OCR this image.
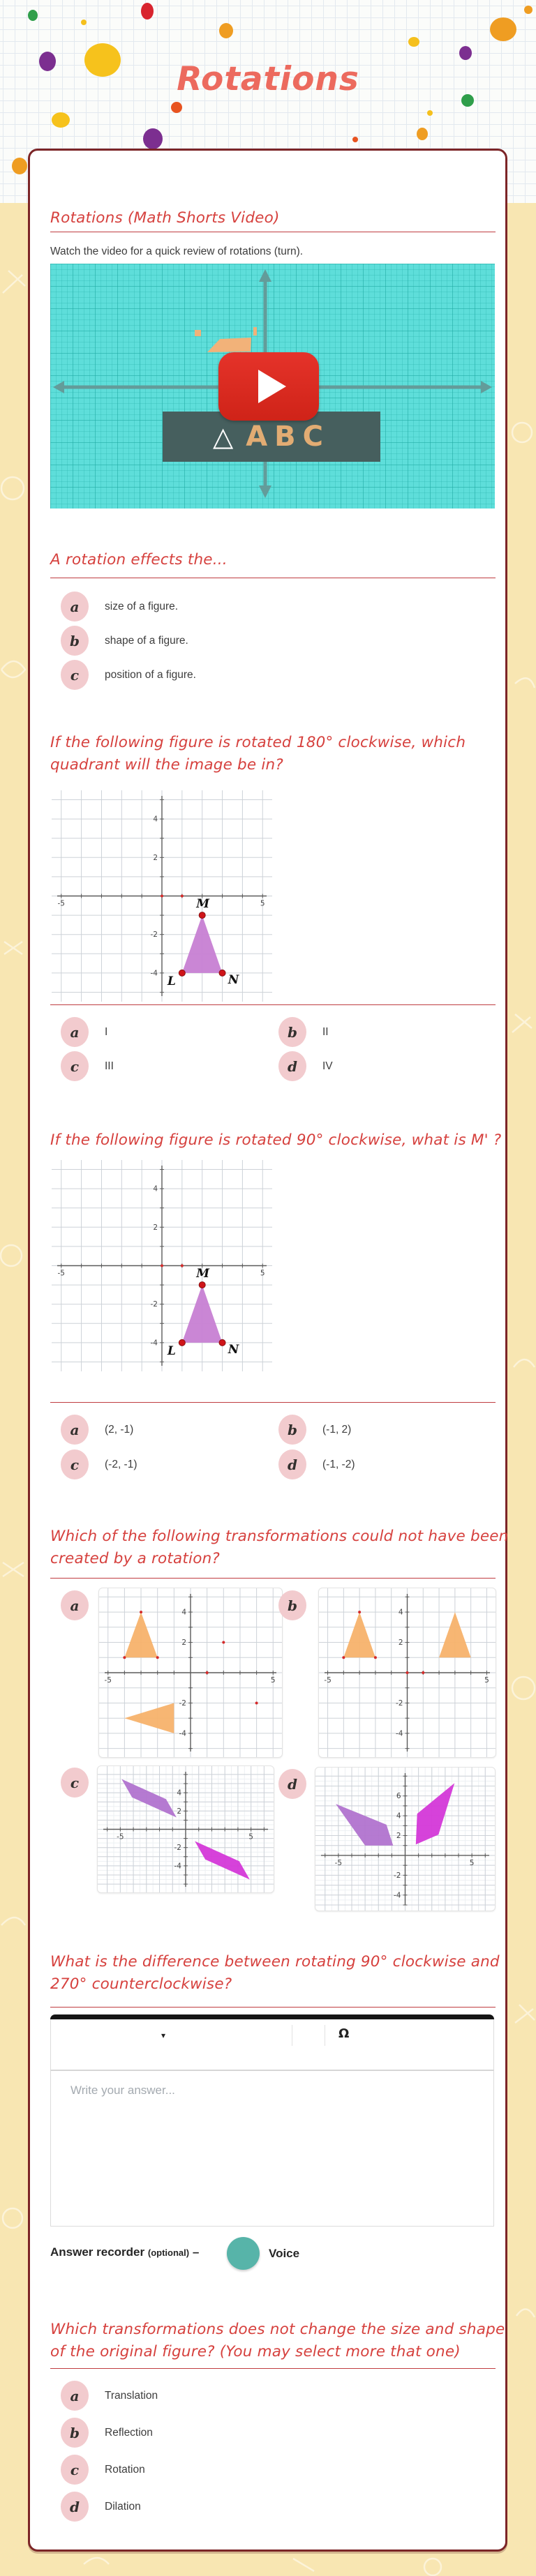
Rotations
Rotations (Math Shorts Video)
Watch the video for a quick review of rotations (turn).
△ ABC
A rotation effects the...
a	size of a figure.
b	shape of a figure.
c	position of a figure.
If the following figure is rotated 180° clockwise, which
quadrant will the image be in?
4
2
-2
-4
-5	5
M
L	N
a	I	b	II
c	III	d	IV
If the following figure is rotated 90° clockwise, what is M' ?
4
2
-2
-4
-5	5
M
L	N
a	(2, -1)	b	(-1, 2)
c	(-2, -1)	d	(-1, -2)
Which of the following transformations could not have been
created by a rotation?
a	4
2
-2
-4
-5	5
b	4
2
-2
-4
-5	5
c
4
2
-2
-4
-5	5
d
6
4
2
-2
-4
-5	5
What is the difference between rotating 90° clockwise and
270° counterclockwise?
▾	Ω
Write your answer...
Answer recorder (optional) –	Voice
Which transformations does not change the size and shape
of the original figure? (You may select more that one)
a	Translation
b	Reflection
c	Rotation
d	Dilation
